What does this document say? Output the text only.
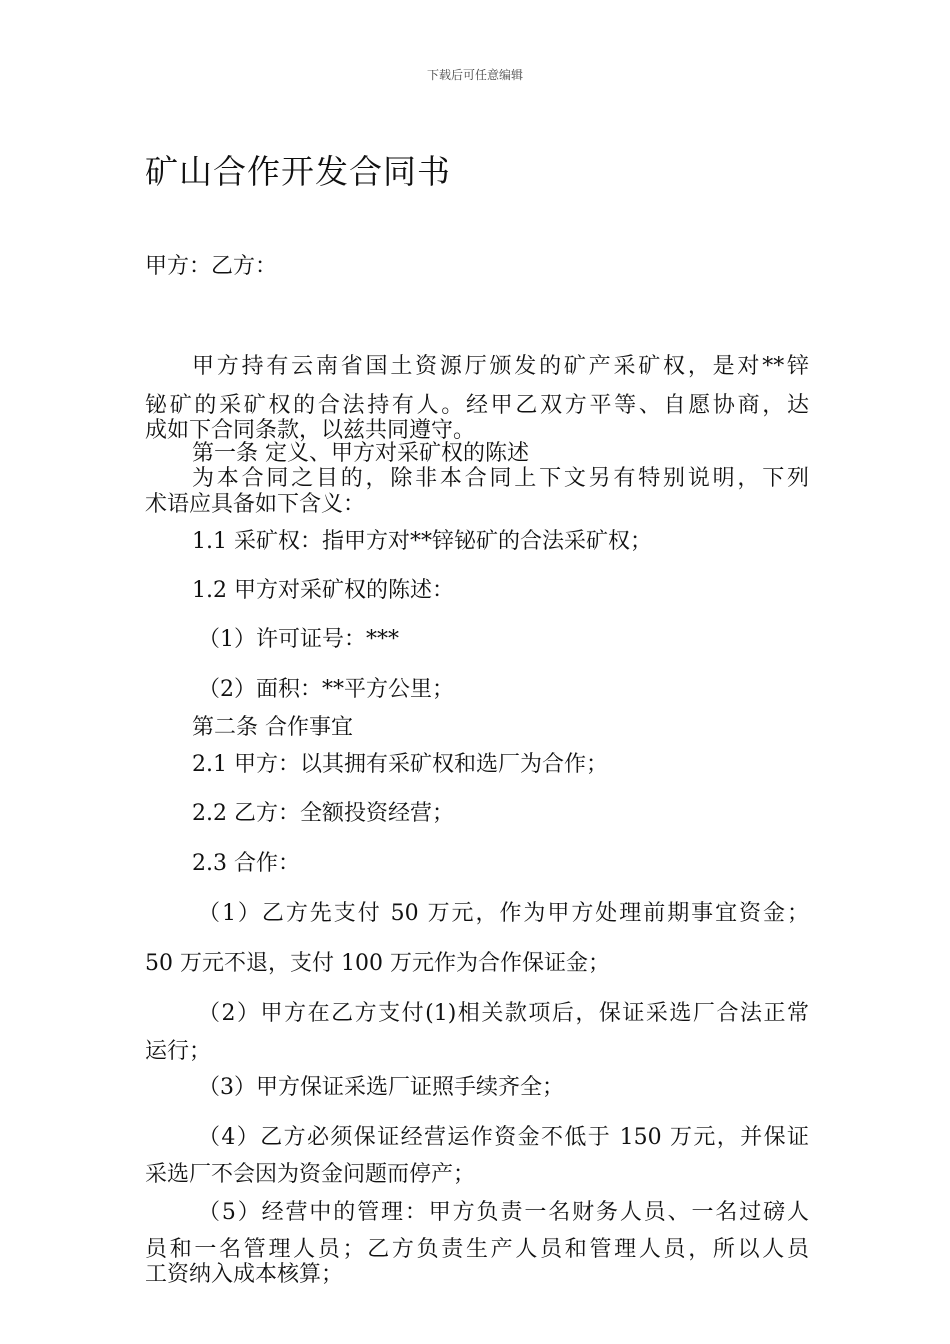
下载后可任意编辑
矿山合作开发合同书
甲方：乙方：
甲方持有云南省国土资源厅颁发的矿产采矿权，是对**锌
铋矿的采矿权的合法持有人。经甲乙双方平等、自愿协商，达
成如下合同条款，以兹共同遵守。
第一条 定义、甲方对采矿权的陈述
为本合同之目的，除非本合同上下文另有特别说明，下列
术语应具备如下含义：
1.1 采矿权：指甲方对**锌铋矿的合法采矿权；
1.2 甲方对采矿权的陈述：
（1）许可证号：***
（2）面积：**平方公里；
第二条 合作事宜
2.1 甲方：以其拥有采矿权和选厂为合作；
2.2 乙方：全额投资经营；
2.3 合作：
（1）乙方先支付 50 万元，作为甲方处理前期事宜资金；
50 万元不退，支付 100 万元作为合作保证金；
（2）甲方在乙方支付(1)相关款项后，保证采选厂合法正常
运行；
（3）甲方保证采选厂证照手续齐全；
（4）乙方必须保证经营运作资金不低于 150 万元，并保证
采选厂不会因为资金问题而停产；
（5）经营中的管理：甲方负责一名财务人员、一名过磅人
员和一名管理人员；乙方负责生产人员和管理人员，所以人员
工资纳入成本核算；
